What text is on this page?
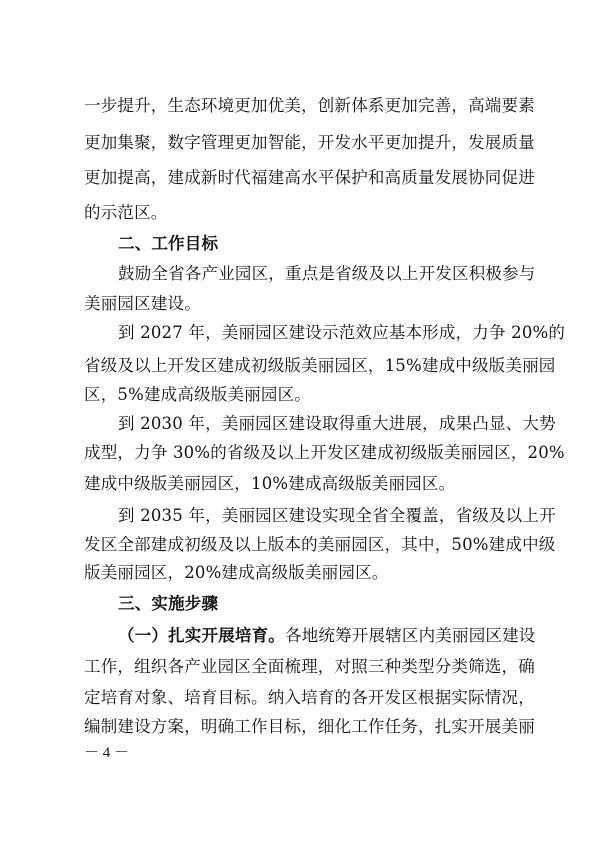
一步提升，生态环境更加优美，创新体系更加完善，高端要素
更加集聚，数字管理更加智能，开发水平更加提升，发展质量
更加提高，建成新时代福建高水平保护和高质量发展协同促进
的示范区。
二、工作目标
鼓励全省各产业园区，重点是省级及以上开发区积极参与
美丽园区建设。
到 2027 年，美丽园区建设示范效应基本形成，力争 20%的
省级及以上开发区建成初级版美丽园区，15%建成中级版美丽园
区，5%建成高级版美丽园区。
到 2030 年，美丽园区建设取得重大进展，成果凸显、大势
成型，力争 30%的省级及以上开发区建成初级版美丽园区，20%
建成中级版美丽园区，10%建成高级版美丽园区。
到 2035 年，美丽园区建设实现全省全覆盖，省级及以上开
发区全部建成初级及以上版本的美丽园区，其中，50%建成中级
版美丽园区，20%建成高级版美丽园区。
三、实施步骤
（一）扎实开展培育。各地统筹开展辖区内美丽园区建设
工作，组织各产业园区全面梳理，对照三种类型分类筛选，确
定培育对象、培育目标。纳入培育的各开发区根据实际情况，
编制建设方案，明确工作目标，细化工作任务，扎实开展美丽
－ 4 －
